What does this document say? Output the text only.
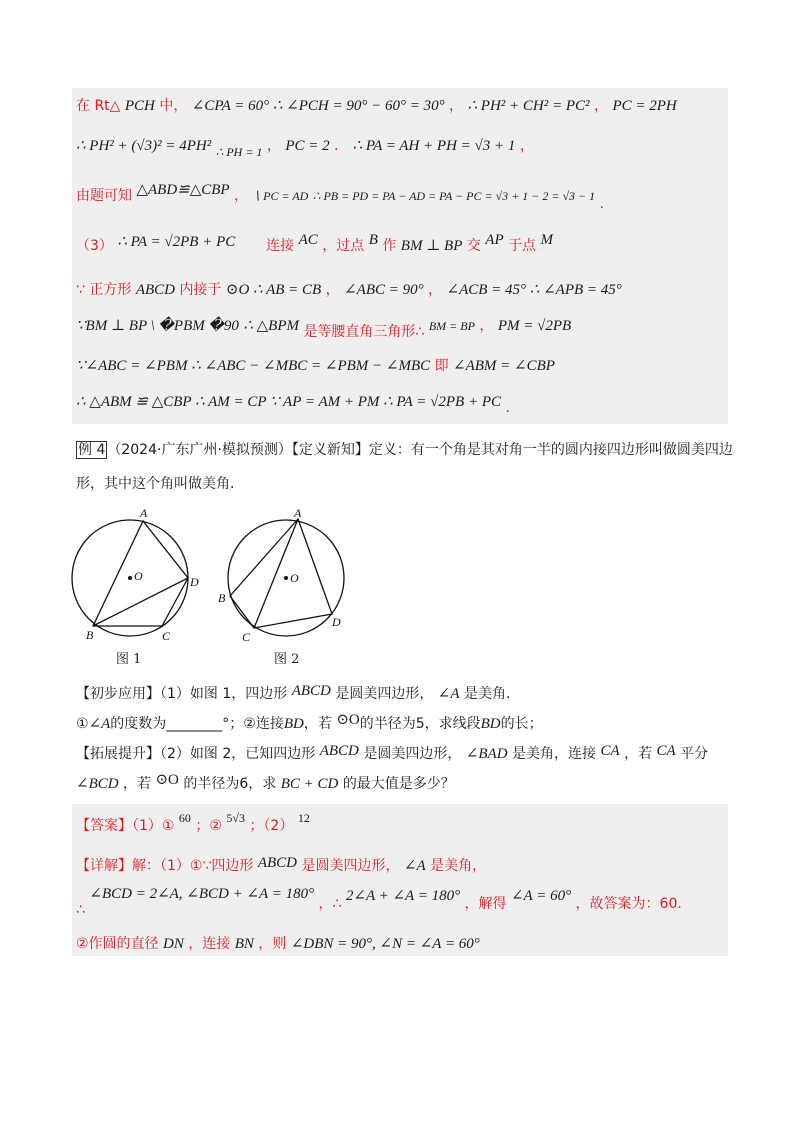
在 Rt△ PCH 中， ∠CPA = 60° ∴ ∠PCH = 90° − 60° = 30° ， ∴ PH² + CH² = PC² ， PC = 2PH
∴ PH² + (√3)² = 4PH² ∴ PH = 1 ， PC = 2 ． ∴ PA = AH + PH = √3 + 1 ，
由题可知 △ABD≌△CBP ， ∖ PC = AD ∴ PB = PD = PA − AD = PA − PC = √3 + 1 − 2 = √3 − 1 .
（3） ∴ PA = √2PB + PC 连接 AC ，过点 B 作 BM ⊥ BP 交 AP 于点 M
∵ 正方形 ABCD 内接于 ⊙O ∴ AB = CB ， ∠ABC = 90° ， ∠ACB = 45° ∴ ∠APB = 45°
∵BM ⊥ BP \ �PBM �90 ∴ △BPM 是等腰直角三角形∴ BM = BP ， PM = √2PB
∵∠ABC = ∠PBM ∴ ∠ABC − ∠MBC = ∠PBM − ∠MBC 即 ∠ABM = ∠CBP
∴ △ABM ≌ △CBP ∴ AM = CP ∵ AP = AM + PM ∴ PA = √2PB + PC .
例 4 （2024·广东广州·模拟预测）【定义新知】定义：有一个角是其对角一半的圆内接四边形叫做圆美四边
形，其中这个角叫做美角.
A
B	C
D
O
图 1
A
B
C
D
O
图 2
【初步应用】（1）如图 1，四边形 ABCD 是圆美四边形， ∠A 是美角.
①∠A的度数为________°；②连接BD，若 ⊙O的半径为5，求线段BD的长；
【拓展提升】（2）如图 2，已知四边形 ABCD 是圆美四边形， ∠BAD 是美角，连接 CA ，若 CA 平分
∠BCD ，若 ⊙O 的半径为6，求 BC + CD 的最大值是多少？
【答案】（1）① 60 ；② 5√3 ；（2） 12
【详解】解：（1）①∵四边形 ABCD 是圆美四边形， ∠A 是美角，
∴ ∠BCD = 2∠A, ∠BCD + ∠A = 180° ，∴ 2∠A + ∠A = 180° ，解得 ∠A = 60° ，故答案为：60.
②作圆的直径 DN ，连接 BN ，则 ∠DBN = 90°, ∠N = ∠A = 60°
